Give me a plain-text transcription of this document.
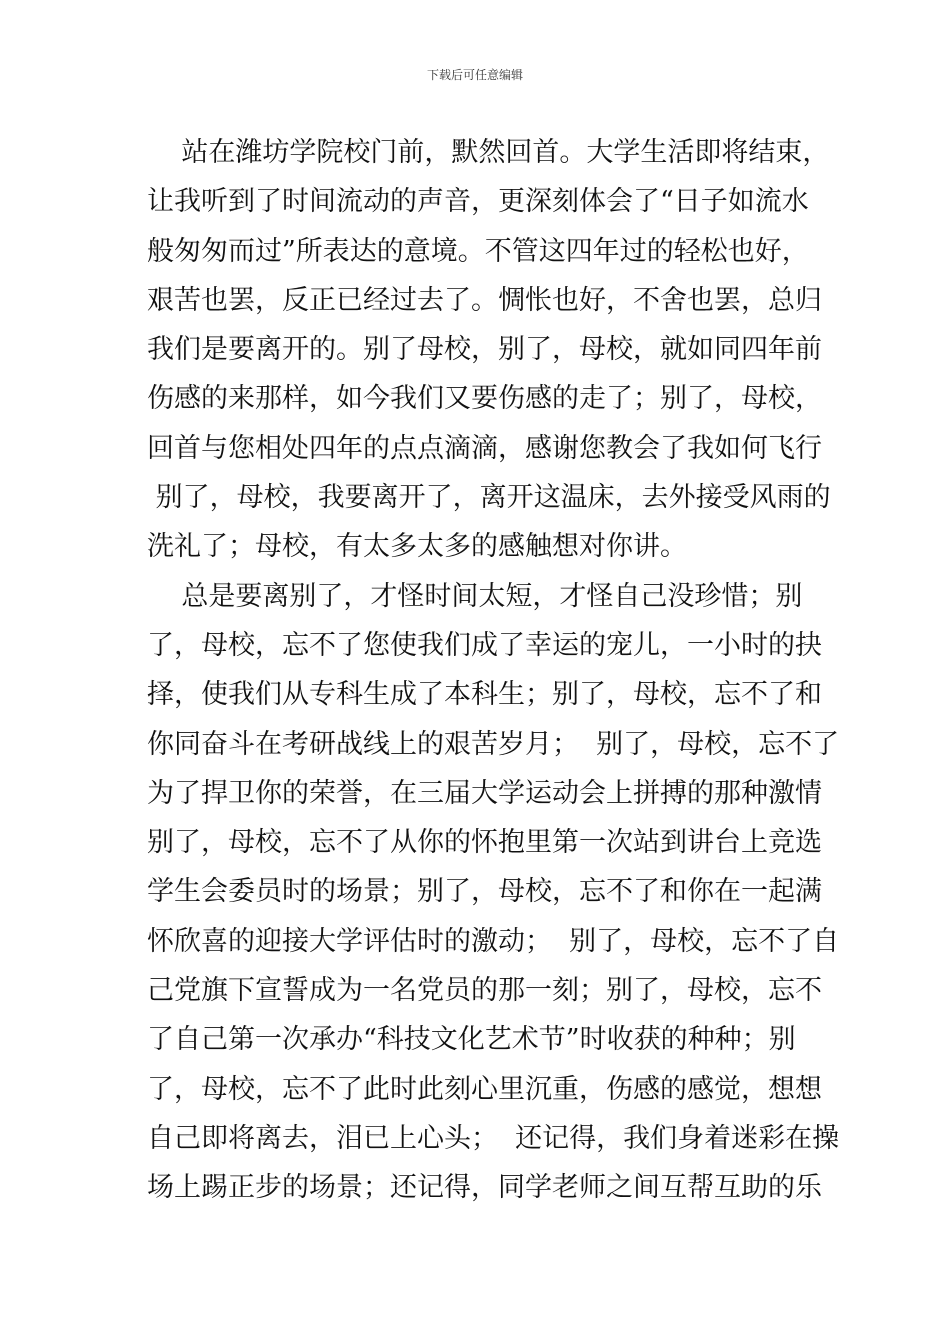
下载后可任意编辑
站在潍坊学院校门前，默然回首。大学生活即将结束，
让我听到了时间流动的声音，更深刻体会了“日子如流水
般匆匆而过”所表达的意境。不管这四年过的轻松也好，
艰苦也罢，反正已经过去了。惆怅也好，不舍也罢，总归
我们是要离开的。别了母校，别了，母校，就如同四年前
伤感的来那样，如今我们又要伤感的走了；别了，母校，
回首与您相处四年的点点滴滴，感谢您教会了我如何飞行
别了，母校，我要离开了，离开这温床，去外接受风雨的
洗礼了；母校，有太多太多的感触想对你讲。
总是要离别了，才怪时间太短，才怪自己没珍惜；别
了，母校，忘不了您使我们成了幸运的宠儿，一小时的抉
择，使我们从专科生成了本科生；别了，母校，忘不了和
你同奋斗在考研战线上的艰苦岁月；  别了，母校，忘不了
为了捍卫你的荣誉，在三届大学运动会上拼搏的那种激情
别了，母校，忘不了从你的怀抱里第一次站到讲台上竞选
学生会委员时的场景；别了，母校，忘不了和你在一起满
怀欣喜的迎接大学评估时的激动；  别了，母校，忘不了自
己党旗下宣誓成为一名党员的那一刻；别了，母校，忘不
了自己第一次承办“科技文化艺术节”时收获的种种；别
了，母校，忘不了此时此刻心里沉重，伤感的感觉，想想
自己即将离去，泪已上心头；  还记得，我们身着迷彩在操
场上踢正步的场景；还记得，同学老师之间互帮互助的乐
